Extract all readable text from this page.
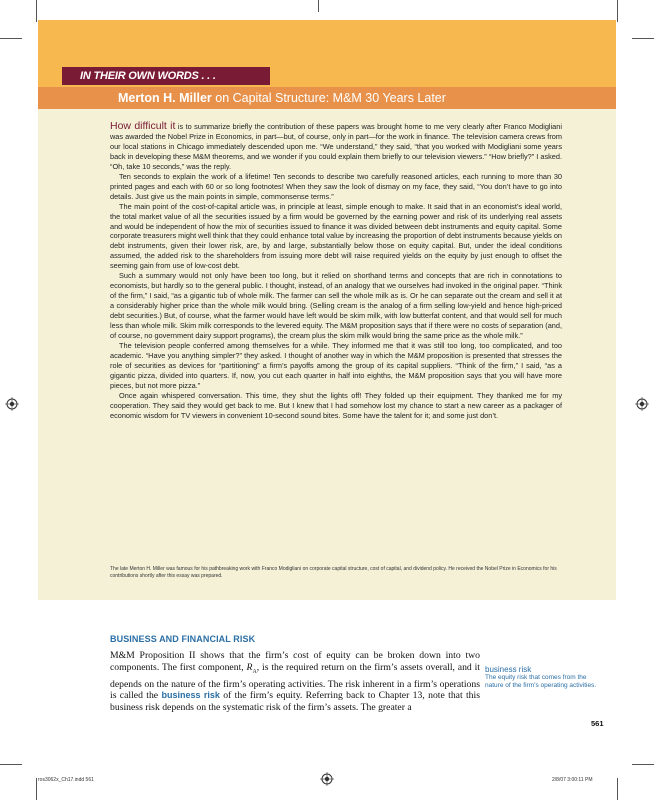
IN THEIR OWN WORDS . . .
Merton H. Miller on Capital Structure: M&M 30 Years Later

How difficult it is to summarize briefly the contribution of these papers was brought home to me very clearly after Franco Modigliani was awarded the Nobel Prize in Economics, in part—but, of course, only in part—for the work in finance. The television camera crews from our local stations in Chicago immediately descended upon me. “We understand,” they said, “that you worked with Modigliani some years back in developing these M&M theorems, and we wonder if you could explain them briefly to our television viewers.” “How briefly?” I asked. “Oh, take 10 seconds,” was the reply.

Ten seconds to explain the work of a lifetime! Ten seconds to describe two carefully reasoned articles, each running to more than 30 printed pages and each with 60 or so long footnotes! When they saw the look of dismay on my face, they said, “You don’t have to go into details. Just give us the main points in simple, commonsense terms.”

The main point of the cost-of-capital article was, in principle at least, simple enough to make. It said that in an economist’s ideal world, the total market value of all the securities issued by a firm would be governed by the earning power and risk of its underlying real assets and would be independent of how the mix of securities issued to finance it was divided between debt instruments and equity capital. Some corporate treasurers might well think that they could enhance total value by increasing the proportion of debt instruments because yields on debt instruments, given their lower risk, are, by and large, substantially below those on equity capital. But, under the ideal conditions assumed, the added risk to the shareholders from issuing more debt will raise required yields on the equity by just enough to offset the seeming gain from use of low-cost debt.

Such a summary would not only have been too long, but it relied on shorthand terms and concepts that are rich in connotations to economists, but hardly so to the general public. I thought, instead, of an analogy that we ourselves had invoked in the original paper. “Think of the firm,” I said, “as a gigantic tub of whole milk. The farmer can sell the whole milk as is. Or he can separate out the cream and sell it at a considerably higher price than the whole milk would bring. (Selling cream is the analog of a firm selling low-yield and hence high-priced debt securities.) But, of course, what the farmer would have left would be skim milk, with low butterfat content, and that would sell for much less than whole milk. Skim milk corresponds to the levered equity. The M&M proposition says that if there were no costs of separation (and, of course, no government dairy support programs), the cream plus the skim milk would bring the same price as the whole milk.”

The television people conferred among themselves for a while. They informed me that it was still too long, too complicated, and too academic. “Have you anything simpler?” they asked. I thought of another way in which the M&M proposition is presented that stresses the role of securities as devices for “partitioning” a firm’s payoffs among the group of its capital suppliers. “Think of the firm,” I said, “as a gigantic pizza, divided into quarters. If, now, you cut each quarter in half into eighths, the M&M proposition says that you will have more pieces, but not more pizza.”

Once again whispered conversation. This time, they shut the lights off! They folded up their equipment. They thanked me for my cooperation. They said they would get back to me. But I knew that I had somehow lost my chance to start a new career as a packager of economic wisdom for TV viewers in convenient 10-second sound bites. Some have the talent for it; and some just don’t.

The late Merton H. Miller was famous for his pathbreaking work with Franco Modigliani on corporate capital structure, cost of capital, and dividend policy. He received the Nobel Prize in Economics for his contributions shortly after this essay was prepared.
BUSINESS AND FINANCIAL RISK
M&M Proposition II shows that the firm’s cost of equity can be broken down into two components. The first component, $R_A$, is the required return on the firm’s assets overall, and it depends on the nature of the firm’s operating activities. The risk inherent in a firm’s operations is called the business risk of the firm’s equity. Referring back to Chapter 13, note that this business risk depends on the systematic risk of the firm’s assets. The greater a
business risk
The equity risk that comes from the nature of the firm’s operating activities.
561
ros3062x_Ch17.indd 561	2/8/07 3:00:11 PM
